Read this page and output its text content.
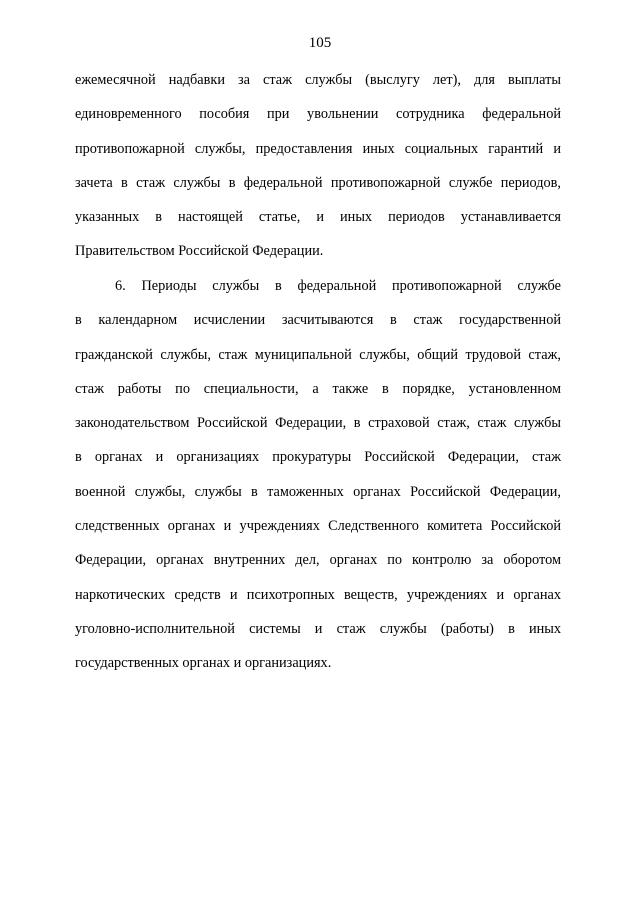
105

ежемесячной надбавки за стаж службы (выслугу лет), для выплаты

единовременного пособия при увольнении сотрудника федеральной

противопожарной службы, предоставления иных социальных гарантий и

зачета в стаж службы в федеральной противопожарной службе периодов,

указанных в настоящей статье, и иных периодов устанавливается

Правительством Российской Федерации.

6. Периоды службы в федеральной противопожарной службе

в календарном исчислении засчитываются в стаж государственной

гражданской службы, стаж муниципальной службы, общий трудовой стаж,

стаж работы по специальности, а также в порядке, установленном

законодательством Российской Федерации, в страховой стаж, стаж службы

в органах и организациях прокуратуры Российской Федерации, стаж

военной службы, службы в таможенных органах Российской Федерации,

следственных органах и учреждениях Следственного комитета Российской

Федерации, органах внутренних дел, органах по контролю за оборотом

наркотических средств и психотропных веществ, учреждениях и органах

уголовно-исполнительной системы и стаж службы (работы) в иных

государственных органах и организациях.
